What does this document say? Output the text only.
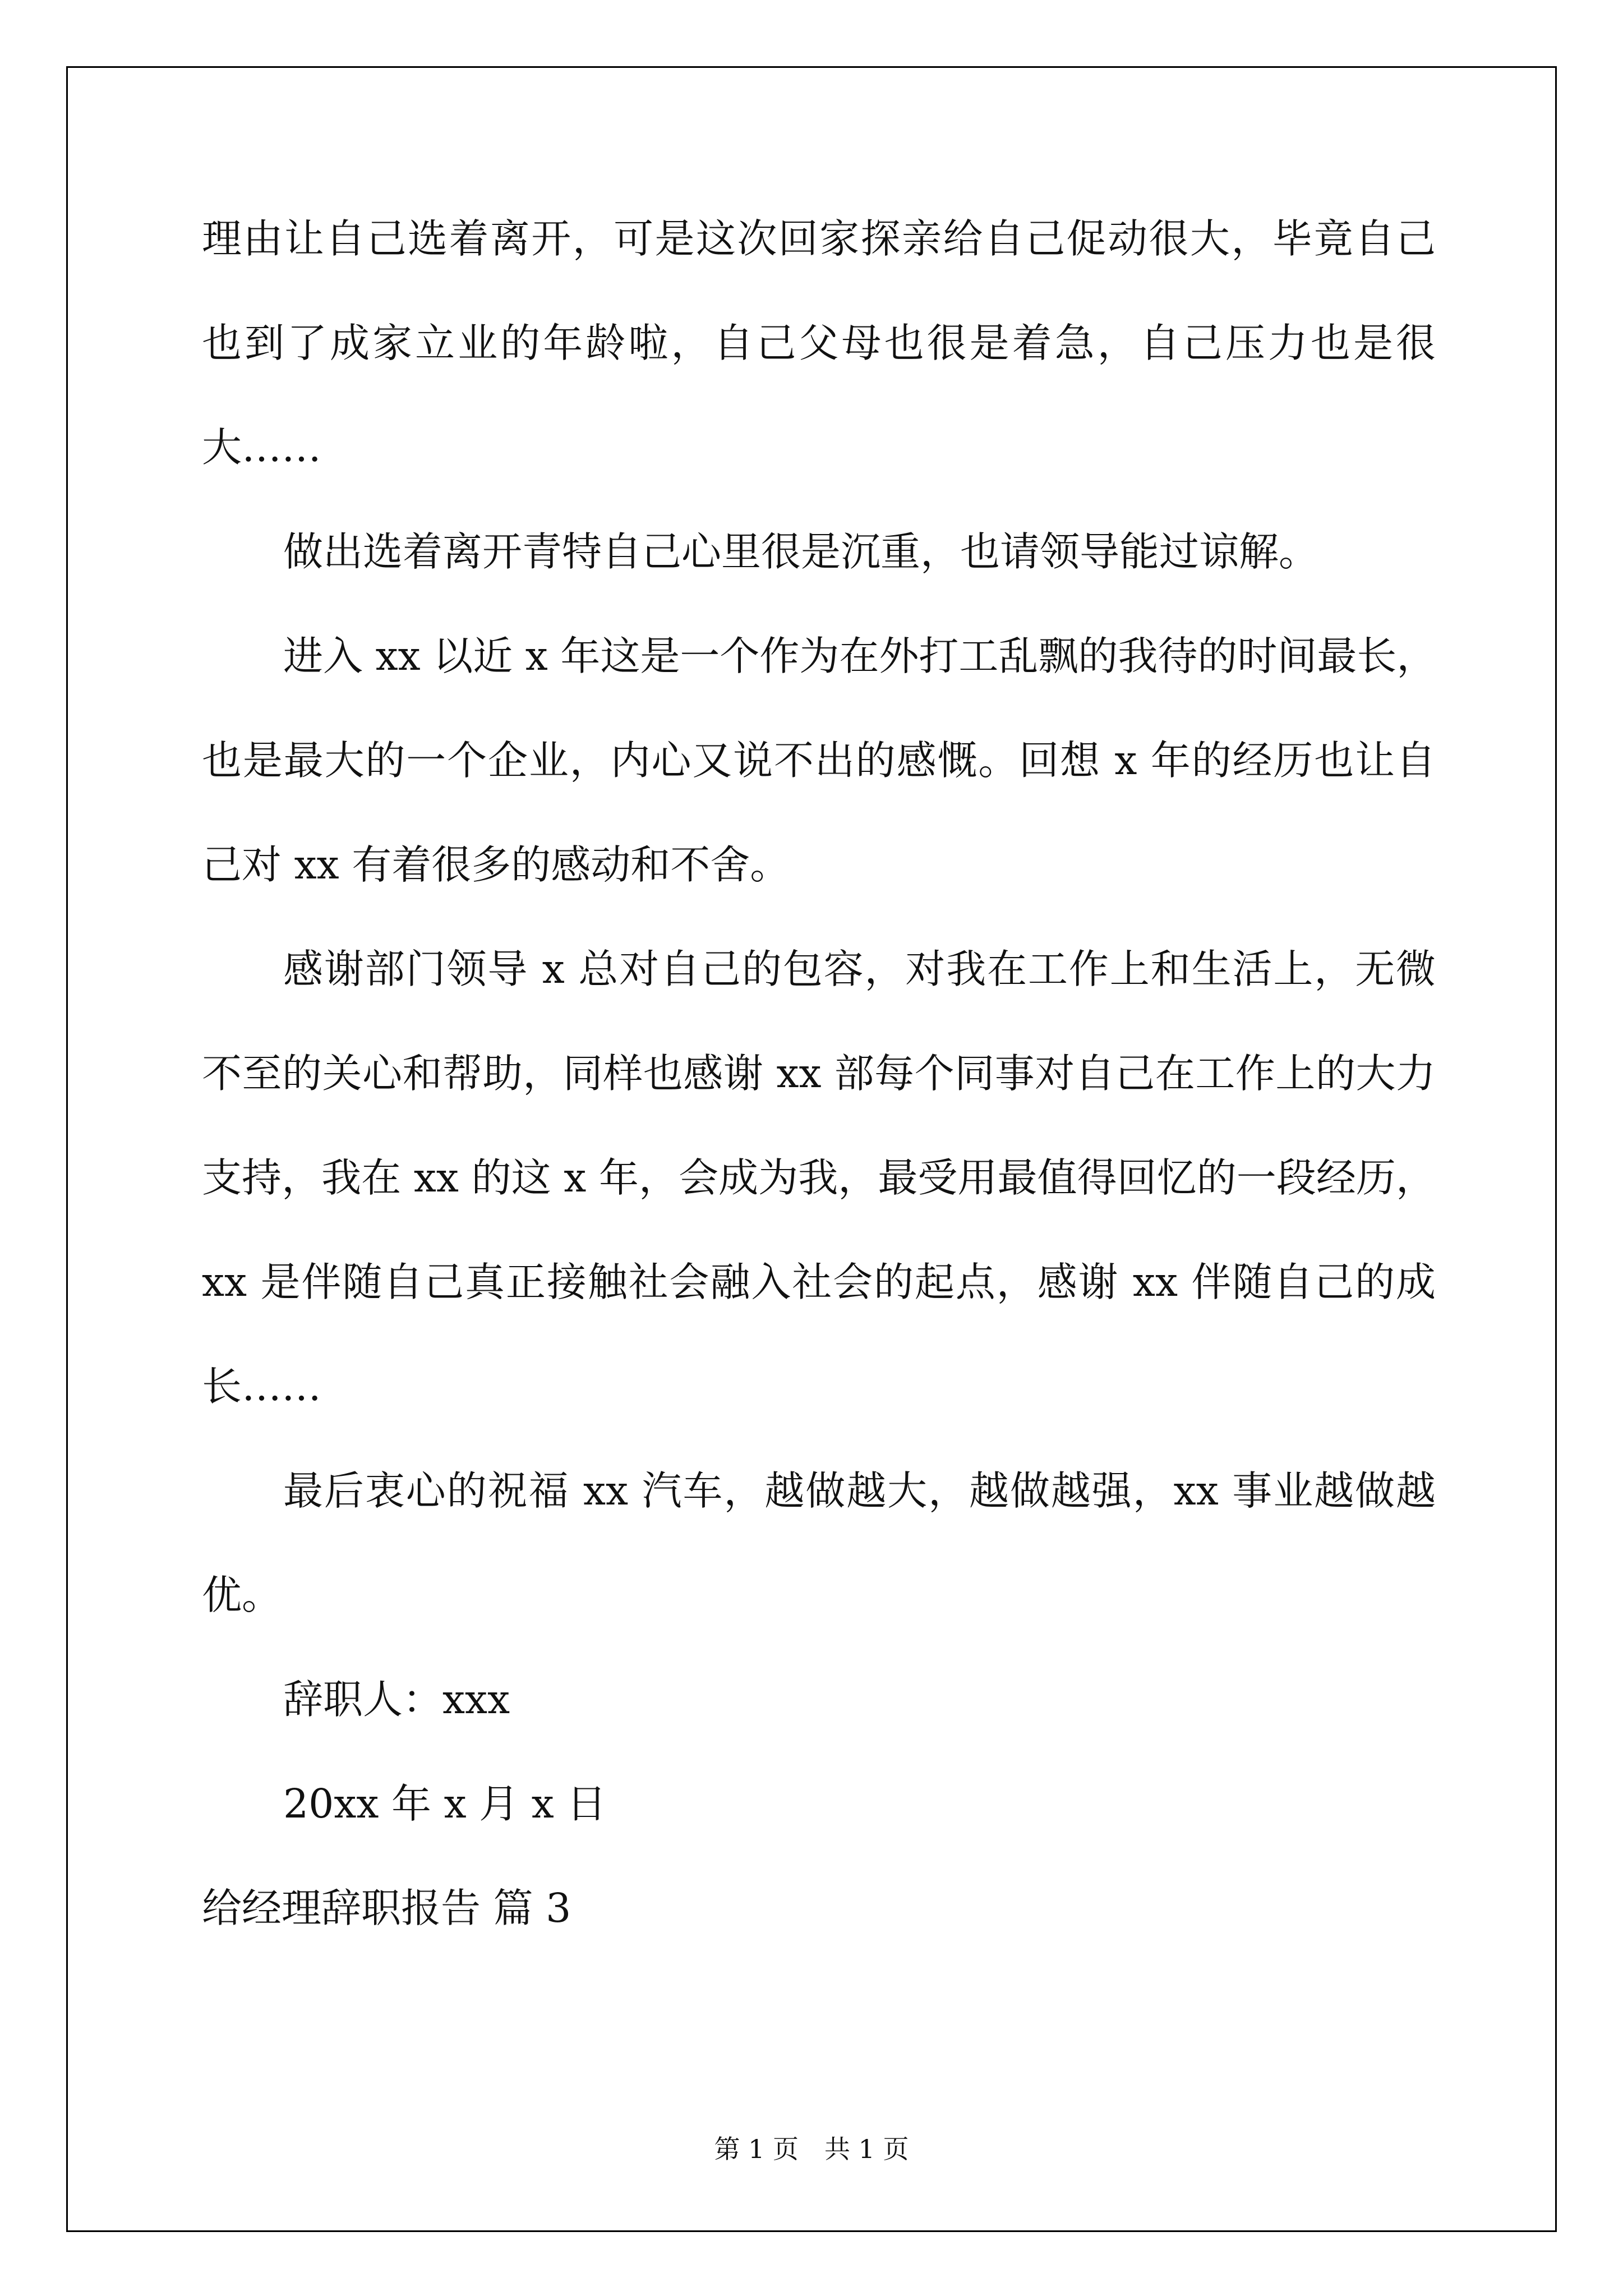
理由让自己选着离开，可是这次回家探亲给自己促动很大，毕竟自己
也到了成家立业的年龄啦，自己父母也很是着急，自己压力也是很
大……
做出选着离开青特自己心里很是沉重，也请领导能过谅解。
进入 xx 以近 x 年这是一个作为在外打工乱飘的我待的时间最长，
也是最大的一个企业，内心又说不出的感慨。回想 x 年的经历也让自
己对 xx 有着很多的感动和不舍。
感谢部门领导 x 总对自己的包容，对我在工作上和生活上，无微
不至的关心和帮助，同样也感谢 xx 部每个同事对自己在工作上的大力
支持，我在 xx 的这 x 年，会成为我，最受用最值得回忆的一段经历，
xx 是伴随自己真正接触社会融入社会的起点，感谢 xx 伴随自己的成
长……
最后衷心的祝福 xx 汽车，越做越大，越做越强，xx 事业越做越
优。
辞职人：xxx
20xx 年 x 月 x 日
给经理辞职报告 篇 3
第 1 页　共 1 页
